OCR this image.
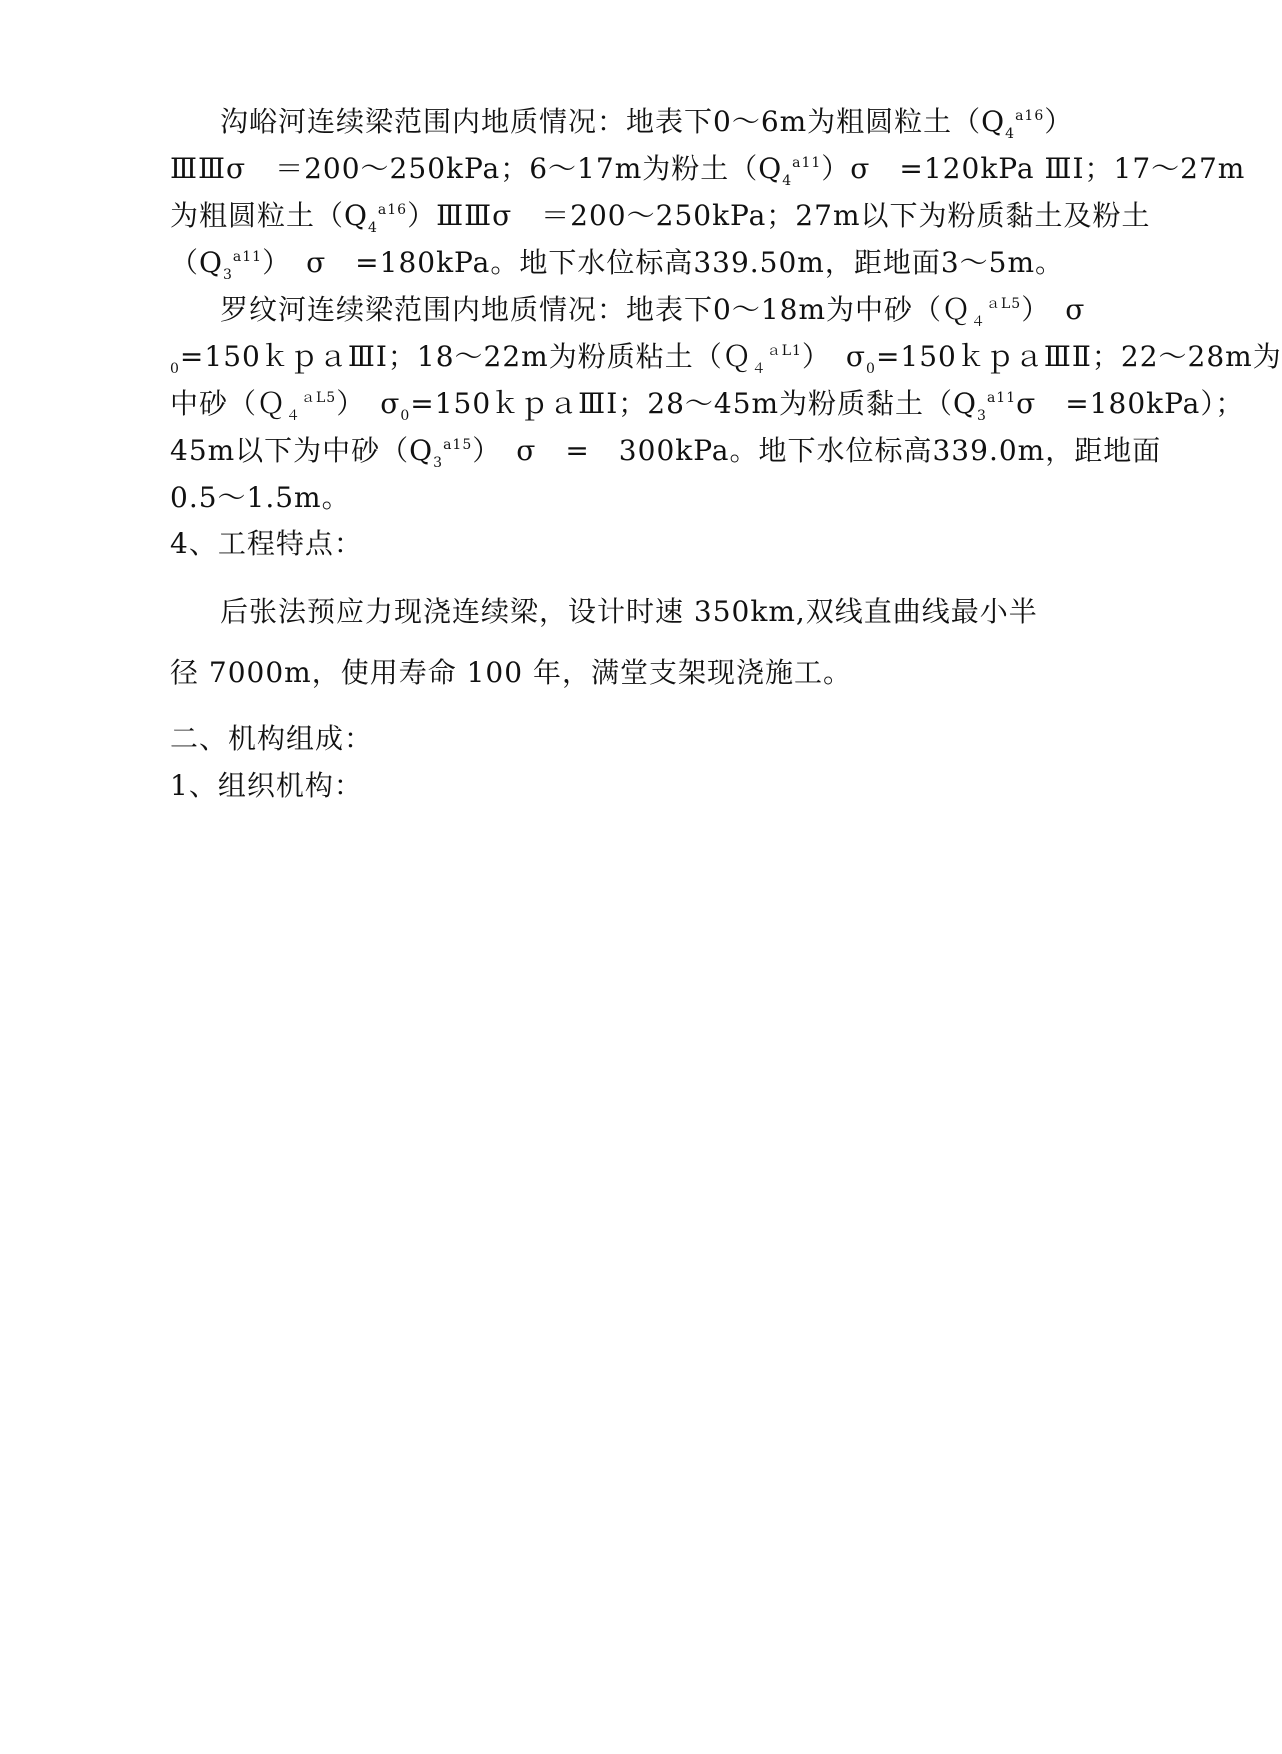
沟峪河连续梁范围内地质情况：地表下0～6m为粗圆粒土$(Q_4^{a16})$
ⅢⅢσ　＝200～250kPa；6～17m为粉土$(Q_4^{a11})\sigma$　=120kPa ⅢⅠ；17～27m
为粗圆粒土$(Q_4^{a16})ⅢⅢ\sigma$　＝200～250kPa；27m以下为粉质黏土及粉土
$(Q_3^{a11})$　σ　=180kPa。地下水位标高339.50m，距地面3～5m。
罗纹河连续梁范围内地质情况：地表下0～18m为中砂（Ｑ$_4^{aL5}$）　σ
$_0$=150ｋｐａⅢⅠ；18～22m为粉质粘土（Ｑ$_4^{aL1}$）　$\sigma_0=150kpaⅢⅡ$；22～28m为
中砂（Ｑ$_4^{aL5}$）　$\sigma_0=150kpaⅢⅠ$；28～45m为粉质黏土（$Q_3^{a11}\sigma$　=180kPa）；
45m以下为中砂$(Q_3^{a15})$　σ　=　300kPa。地下水位标高339.0m，距地面
0.5～1.5m。
4、工程特点：
后张法预应力现浇连续梁，设计时速 350km,双线直曲线最小半
径 7000m，使用寿命 100 年，满堂支架现浇施工。
二、机构组成：
1、组织机构：
